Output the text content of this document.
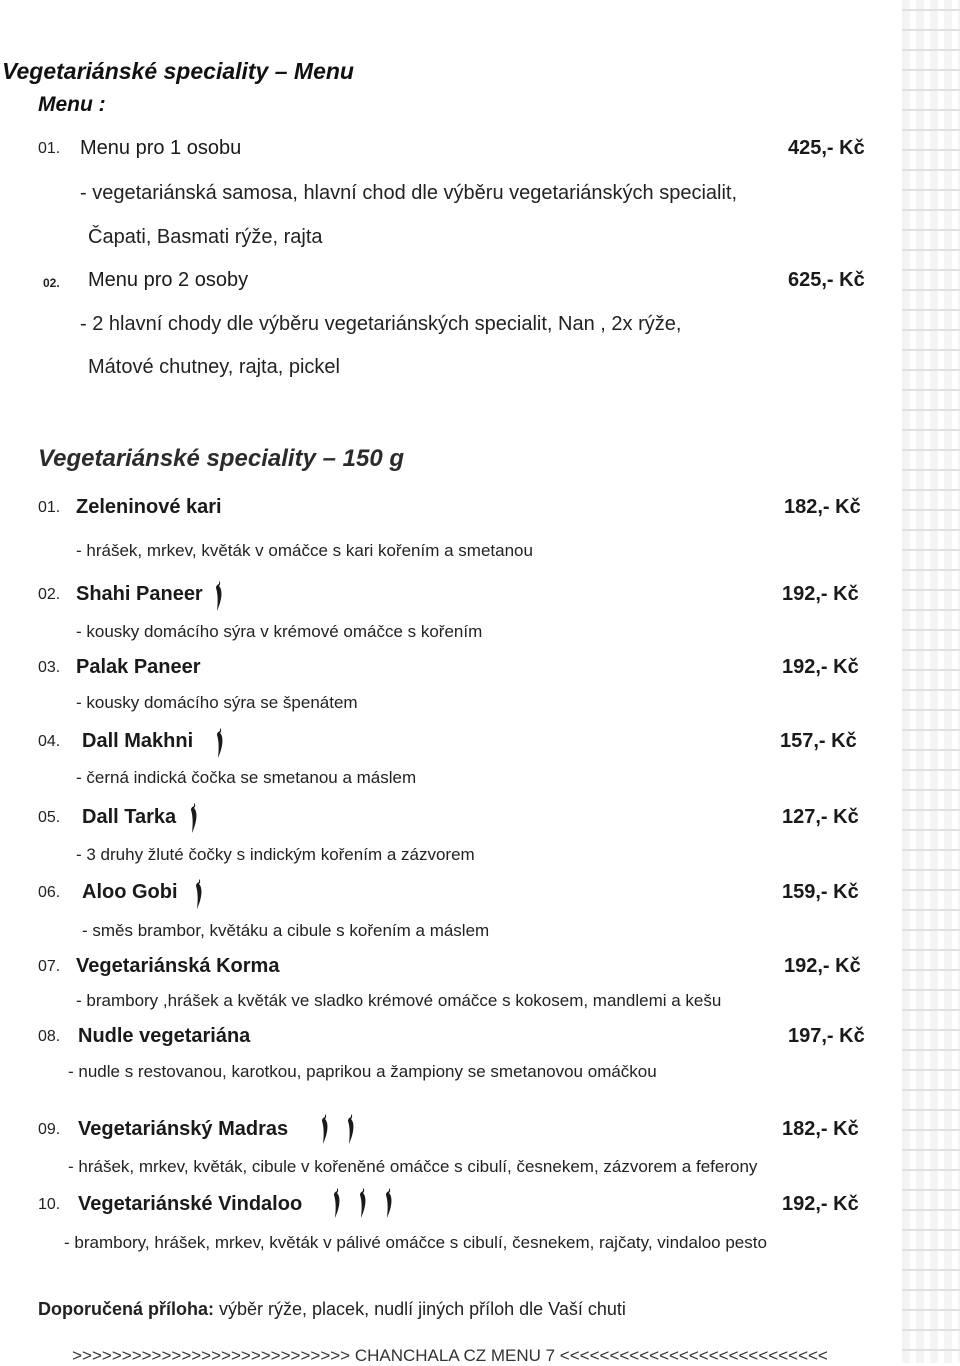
Vegetariánské speciality – Menu
Menu :
01. Menu pro 1 osobu	425,- Kč
- vegetariánská samosa, hlavní chod dle výběru vegetariánských specialit,
Čapati, Basmati rýže, rajta
02. Menu pro 2 osoby	625,- Kč
- 2 hlavní chody dle výběru vegetariánských specialit, Nan , 2x rýže,
Mátové chutney, rajta, pickel
Vegetariánské speciality – 150 g
01. Zeleninové kari	182,- Kč
- hrášek, mrkev, květák v omáčce s kari kořením a smetanou
02. Shahi Paneer	192,- Kč
- kousky domácího sýra v krémové omáčce s kořením
03. Palak Paneer	192,- Kč
- kousky domácího sýra se špenátem
04. Dall Makhni	157,- Kč
- černá indická čočka se smetanou a máslem
05. Dall Tarka	127,- Kč
- 3 druhy žluté čočky s indickým kořením a zázvorem
06. Aloo Gobi	159,- Kč
- směs brambor, květáku a cibule s kořením a máslem
07. Vegetariánská Korma	192,- Kč
- brambory ,hrášek a květák ve sladko krémové omáčce s kokosem, mandlemi a kešu
08. Nudle vegetariána	197,- Kč
- nudle s restovanou, karotkou, paprikou a žampiony se smetanovou omáčkou
09. Vegetariánský Madras	182,- Kč
- hrášek, mrkev, květák, cibule v kořeněné omáčce s cibulí, česnekem, zázvorem a feferony
10. Vegetariánské Vindaloo	192,- Kč
- brambory, hrášek, mrkev, květák v pálivé omáčce s cibulí, česnekem, rajčaty, vindaloo pesto
Doporučená příloha: výběr rýže, placek, nudlí jiných příloh dle Vaší chuti
>>>>>>>>>>>>>>>>>>>>>>>>>>>> CHANCHALA CZ MENU 7 <<<<<<<<<<<<<<<<<<<<<<<<<<<
